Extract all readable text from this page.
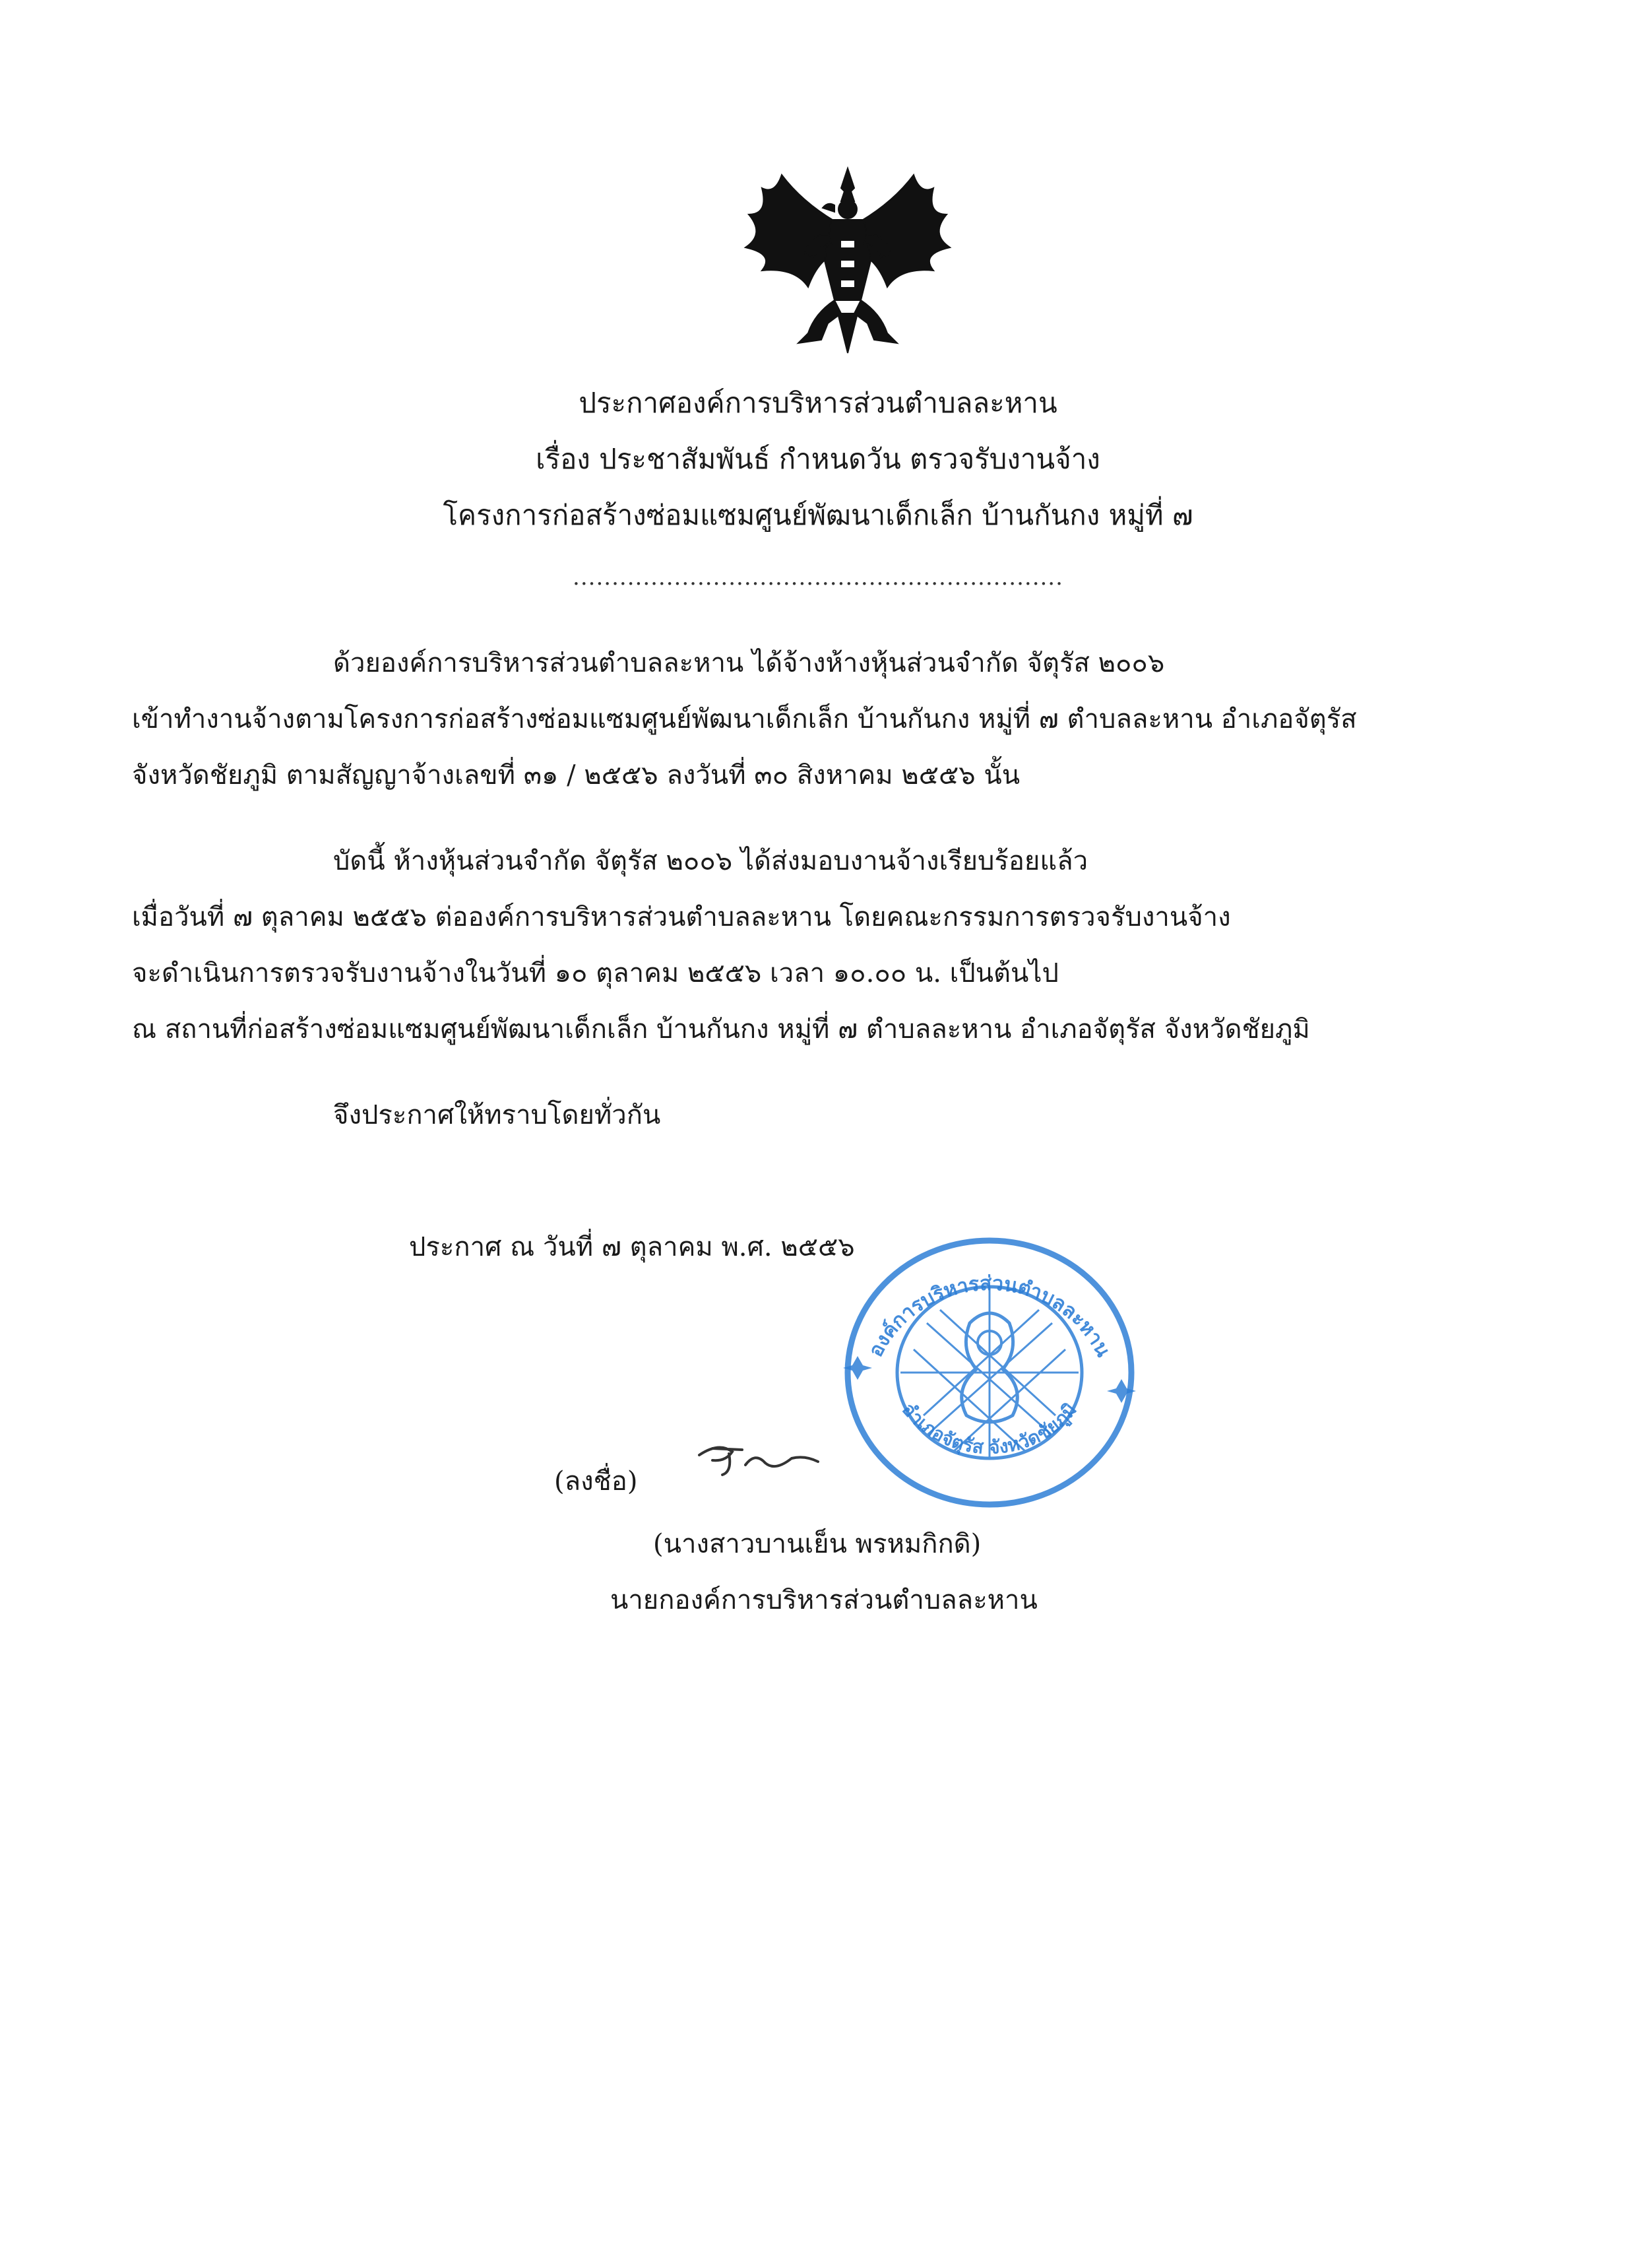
ประกาศองค์การบริหารส่วนตำบลละหาน
เรื่อง ประชาสัมพันธ์ กำหนดวัน ตรวจรับงานจ้าง
โครงการก่อสร้างซ่อมแซมศูนย์พัฒนาเด็กเล็ก บ้านกันกง หมู่ที่ ๗
...............................................................
ด้วยองค์การบริหารส่วนตำบลละหาน ได้จ้างห้างหุ้นส่วนจำกัด จัตุรัส ๒๐๐๖
เข้าทำงานจ้างตามโครงการก่อสร้างซ่อมแซมศูนย์พัฒนาเด็กเล็ก บ้านกันกง หมู่ที่ ๗ ตำบลละหาน อำเภอจัตุรัส
จังหวัดชัยภูมิ ตามสัญญาจ้างเลขที่ ๓๑ / ๒๕๕๖ ลงวันที่ ๓๐ สิงหาคม ๒๕๕๖ นั้น
บัดนี้ ห้างหุ้นส่วนจำกัด จัตุรัส ๒๐๐๖ ได้ส่งมอบงานจ้างเรียบร้อยแล้ว
เมื่อวันที่ ๗ ตุลาคม ๒๕๕๖ ต่อองค์การบริหารส่วนตำบลละหาน โดยคณะกรรมการตรวจรับงานจ้าง
จะดำเนินการตรวจรับงานจ้างในวันที่ ๑๐ ตุลาคม ๒๕๕๖ เวลา ๑๐.๐๐ น. เป็นต้นไป
ณ สถานที่ก่อสร้างซ่อมแซมศูนย์พัฒนาเด็กเล็ก บ้านกันกง หมู่ที่ ๗ ตำบลละหาน อำเภอจัตุรัส จังหวัดชัยภูมิ
จึงประกาศให้ทราบโดยทั่วกัน
ประกาศ ณ วันที่ ๗ ตุลาคม พ.ศ. ๒๕๕๖
องค์การบริหารส่วนตำบลละหาน
อำเภอจัตุรัส จังหวัดชัยภูมิ
(ลงชื่อ)
(นางสาวบานเย็น พรหมกิกดิ)
นายกองค์การบริหารส่วนตำบลละหาน
